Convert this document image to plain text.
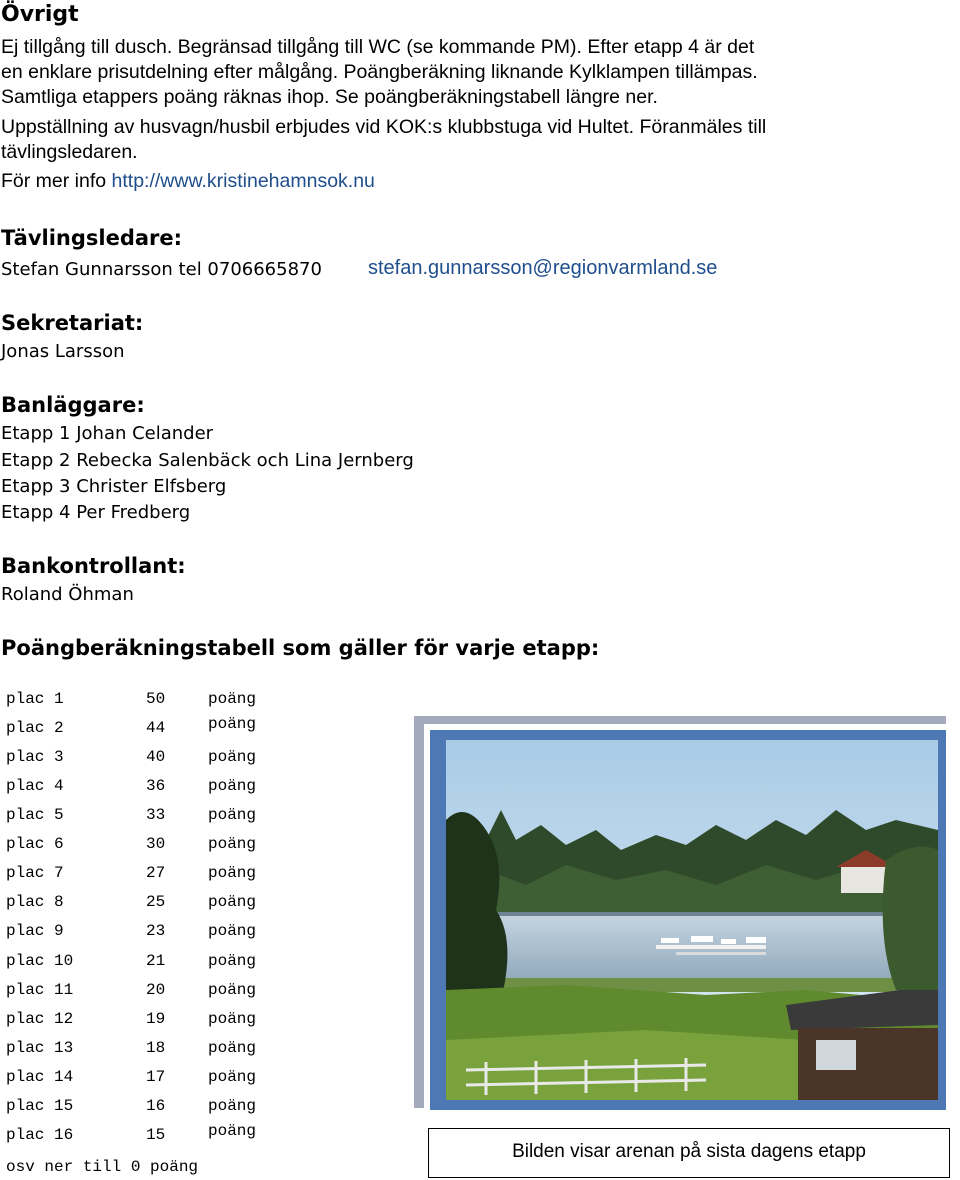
Övrigt
Ej tillgång till dusch. Begränsad tillgång till WC (se kommande PM). Efter etapp 4 är det
en enklare prisutdelning efter målgång. Poängberäkning liknande Kylklampen tillämpas.
Samtliga etappers poäng räknas ihop. Se poängberäkningstabell längre ner.
Uppställning av husvagn/husbil erbjudes vid KOK:s klubbstuga vid Hultet. Föranmäles till
tävlingsledaren.
För mer info http://www.kristinehamnsok.nu
Tävlingsledare:
Stefan Gunnarsson tel 0706665870 stefan.gunnarsson@regionvarmland.se
Sekretariat:
Jonas Larsson
Banläggare:
Etapp 1 Johan Celander
Etapp 2 Rebecka Salenbäck och Lina Jernberg
Etapp 3 Christer Elfsberg
Etapp 4 Per Fredberg
Bankontrollant:
Roland Öhman
Poängberäkningstabell som gäller för varje etapp:
plac 1	50	poäng
plac 2	44	poäng
plac 3	40	poäng
plac 4	36	poäng
plac 5	33	poäng
plac 6	30	poäng
plac 7	27	poäng
plac 8	25	poäng
plac 9	23	poäng
plac 10	21	poäng
plac 11	20	poäng
plac 12	19	poäng
plac 13	18	poäng
plac 14	17	poäng
plac 15	16	poäng
plac 16	15	poäng
osv ner till 0 poäng
Bilden visar arenan på sista dagens etapp
